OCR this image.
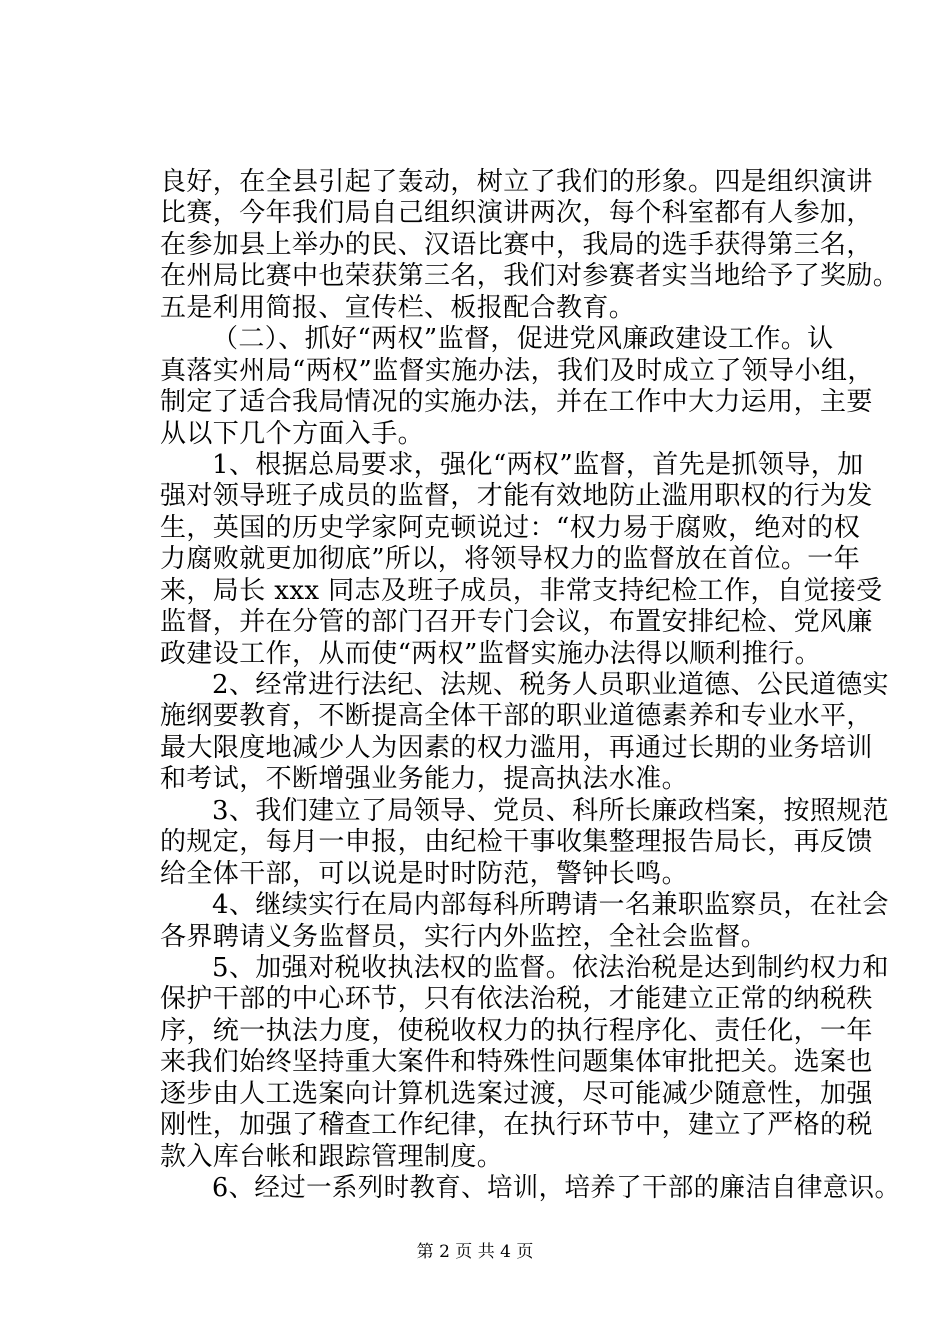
良好，在全县引起了轰动，树立了我们的形象。四是组织演讲
比赛，今年我们局自己组织演讲两次，每个科室都有人参加，
在参加县上举办的民、汉语比赛中，我局的选手获得第三名，
在州局比赛中也荣获第三名，我们对参赛者实当地给予了奖励。
五是利用简报、宣传栏、板报配合教育。
（二）、抓好“两权”监督，促进党风廉政建设工作。认
真落实州局“两权”监督实施办法，我们及时成立了领导小组，
制定了适合我局情况的实施办法，并在工作中大力运用，主要
从以下几个方面入手。
1、根据总局要求，强化“两权”监督，首先是抓领导，加
强对领导班子成员的监督，才能有效地防止滥用职权的行为发
生，英国的历史学家阿克顿说过：“权力易于腐败，绝对的权
力腐败就更加彻底”所以，将领导权力的监督放在首位。一年
来，局长 xxx 同志及班子成员，非常支持纪检工作，自觉接受
监督，并在分管的部门召开专门会议，布置安排纪检、党风廉
政建设工作，从而使“两权”监督实施办法得以顺利推行。
2、经常进行法纪、法规、税务人员职业道德、公民道德实
施纲要教育，不断提高全体干部的职业道德素养和专业水平，
最大限度地减少人为因素的权力滥用，再通过长期的业务培训
和考试，不断增强业务能力，提高执法水准。
3、我们建立了局领导、党员、科所长廉政档案，按照规范
的规定，每月一申报，由纪检干事收集整理报告局长，再反馈
给全体干部，可以说是时时防范，警钟长鸣。
4、继续实行在局内部每科所聘请一名兼职监察员，在社会
各界聘请义务监督员，实行内外监控，全社会监督。
5、加强对税收执法权的监督。依法治税是达到制约权力和
保护干部的中心环节，只有依法治税，才能建立正常的纳税秩
序，统一执法力度，使税收权力的执行程序化、责任化，一年
来我们始终坚持重大案件和特殊性问题集体审批把关。选案也
逐步由人工选案向计算机选案过渡，尽可能减少随意性，加强
刚性，加强了稽查工作纪律，在执行环节中，建立了严格的税
款入库台帐和跟踪管理制度。
6、经过一系列时教育、培训，培养了干部的廉洁自律意识。
第 2 页 共 4 页
